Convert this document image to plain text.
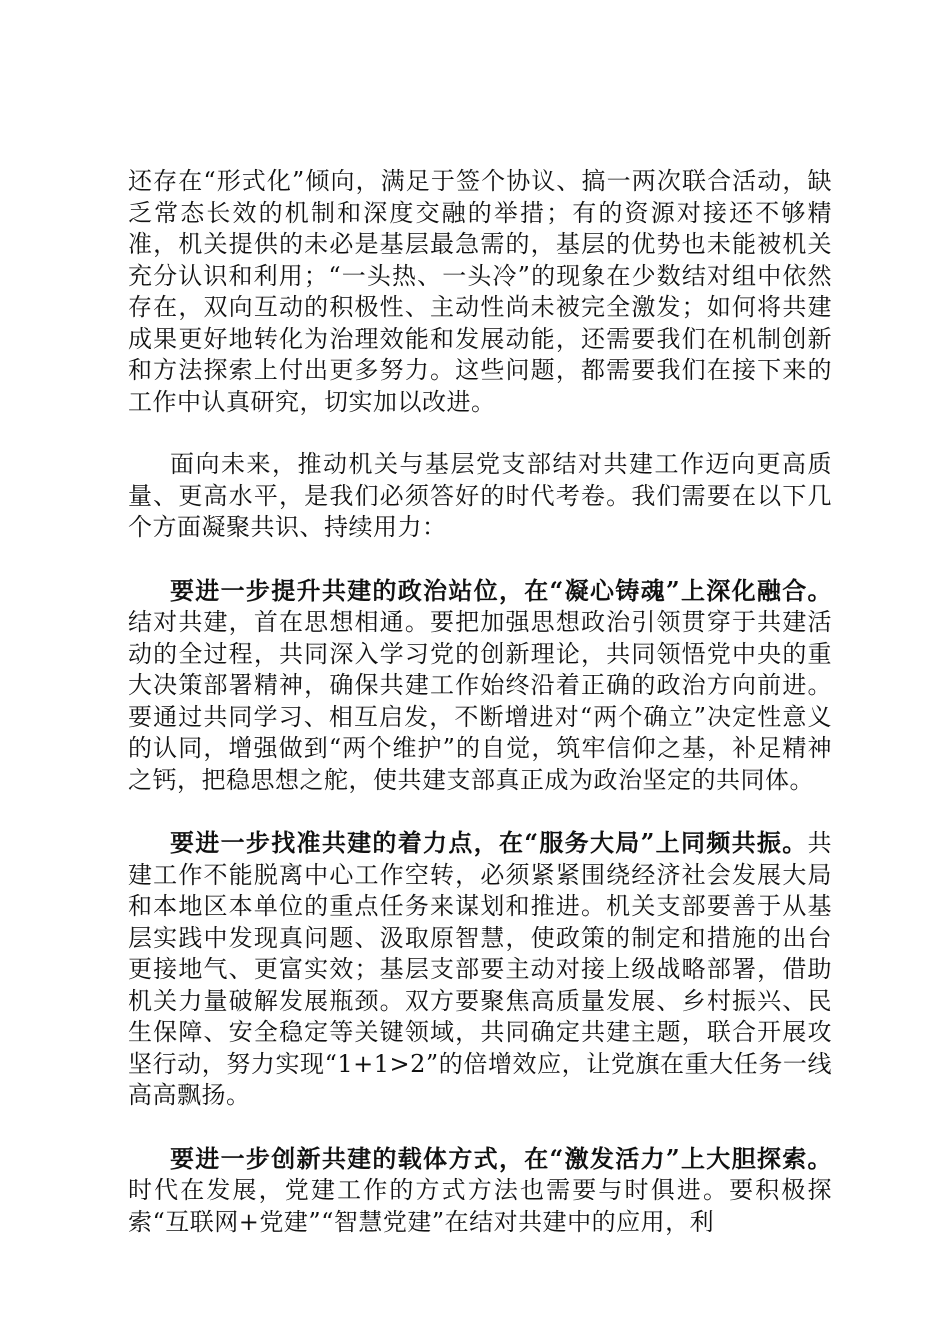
还存在“形式化”倾向，满足于签个协议、搞一两次联合活动，缺乏常态长效的机制和深度交融的举措；有的资源对接还不够精准，机关提供的未必是基层最急需的，基层的优势也未能被机关充分认识和利用；“一头热、一头冷”的现象在少数结对组中依然存在，双向互动的积极性、主动性尚未被完全激发；如何将共建成果更好地转化为治理效能和发展动能，还需要我们在机制创新和方法探索上付出更多努力。这些问题，都需要我们在接下来的工作中认真研究，切实加以改进。

面向未来，推动机关与基层党支部结对共建工作迈向更高质量、更高水平，是我们必须答好的时代考卷。我们需要在以下几个方面凝聚共识、持续用力：

要进一步提升共建的政治站位，在“凝心铸魂”上深化融合。 结对共建，首在思想相通。要把加强思想政治引领贯穿于共建活动的全过程，共同深入学习党的创新理论，共同领悟党中央的重大决策部署精神，确保共建工作始终沿着正确的政治方向前进。要通过共同学习、相互启发，不断增进对“两个确立”决定性意义的认同，增强做到“两个维护”的自觉，筑牢信仰之基，补足精神之钙，把稳思想之舵，使共建支部真正成为政治坚定的共同体。

要进一步找准共建的着力点，在“服务大局”上同频共振。共建工作不能脱离中心工作空转，必须紧紧围绕经济社会发展大局和本地区本单位的重点任务来谋划和推进。机关支部要善于从基层实践中发现真问题、汲取原智慧，使政策的制定和措施的出台更接地气、更富实效；基层支部要主动对接上级战略部署，借助机关力量破解发展瓶颈。双方要聚焦高质量发展、乡村振兴、民生保障、安全稳定等关键领域，共同确定共建主题，联合开展攻坚行动，努力实现“1+1>2”的倍增效应，让党旗在重大任务一线高高飘扬。

要进一步创新共建的载体方式，在“激发活力”上大胆探索。 时代在发展，党建工作的方式方法也需要与时俱进。要积极探索“互联网+党建”“智慧党建”在结对共建中的应用，利
